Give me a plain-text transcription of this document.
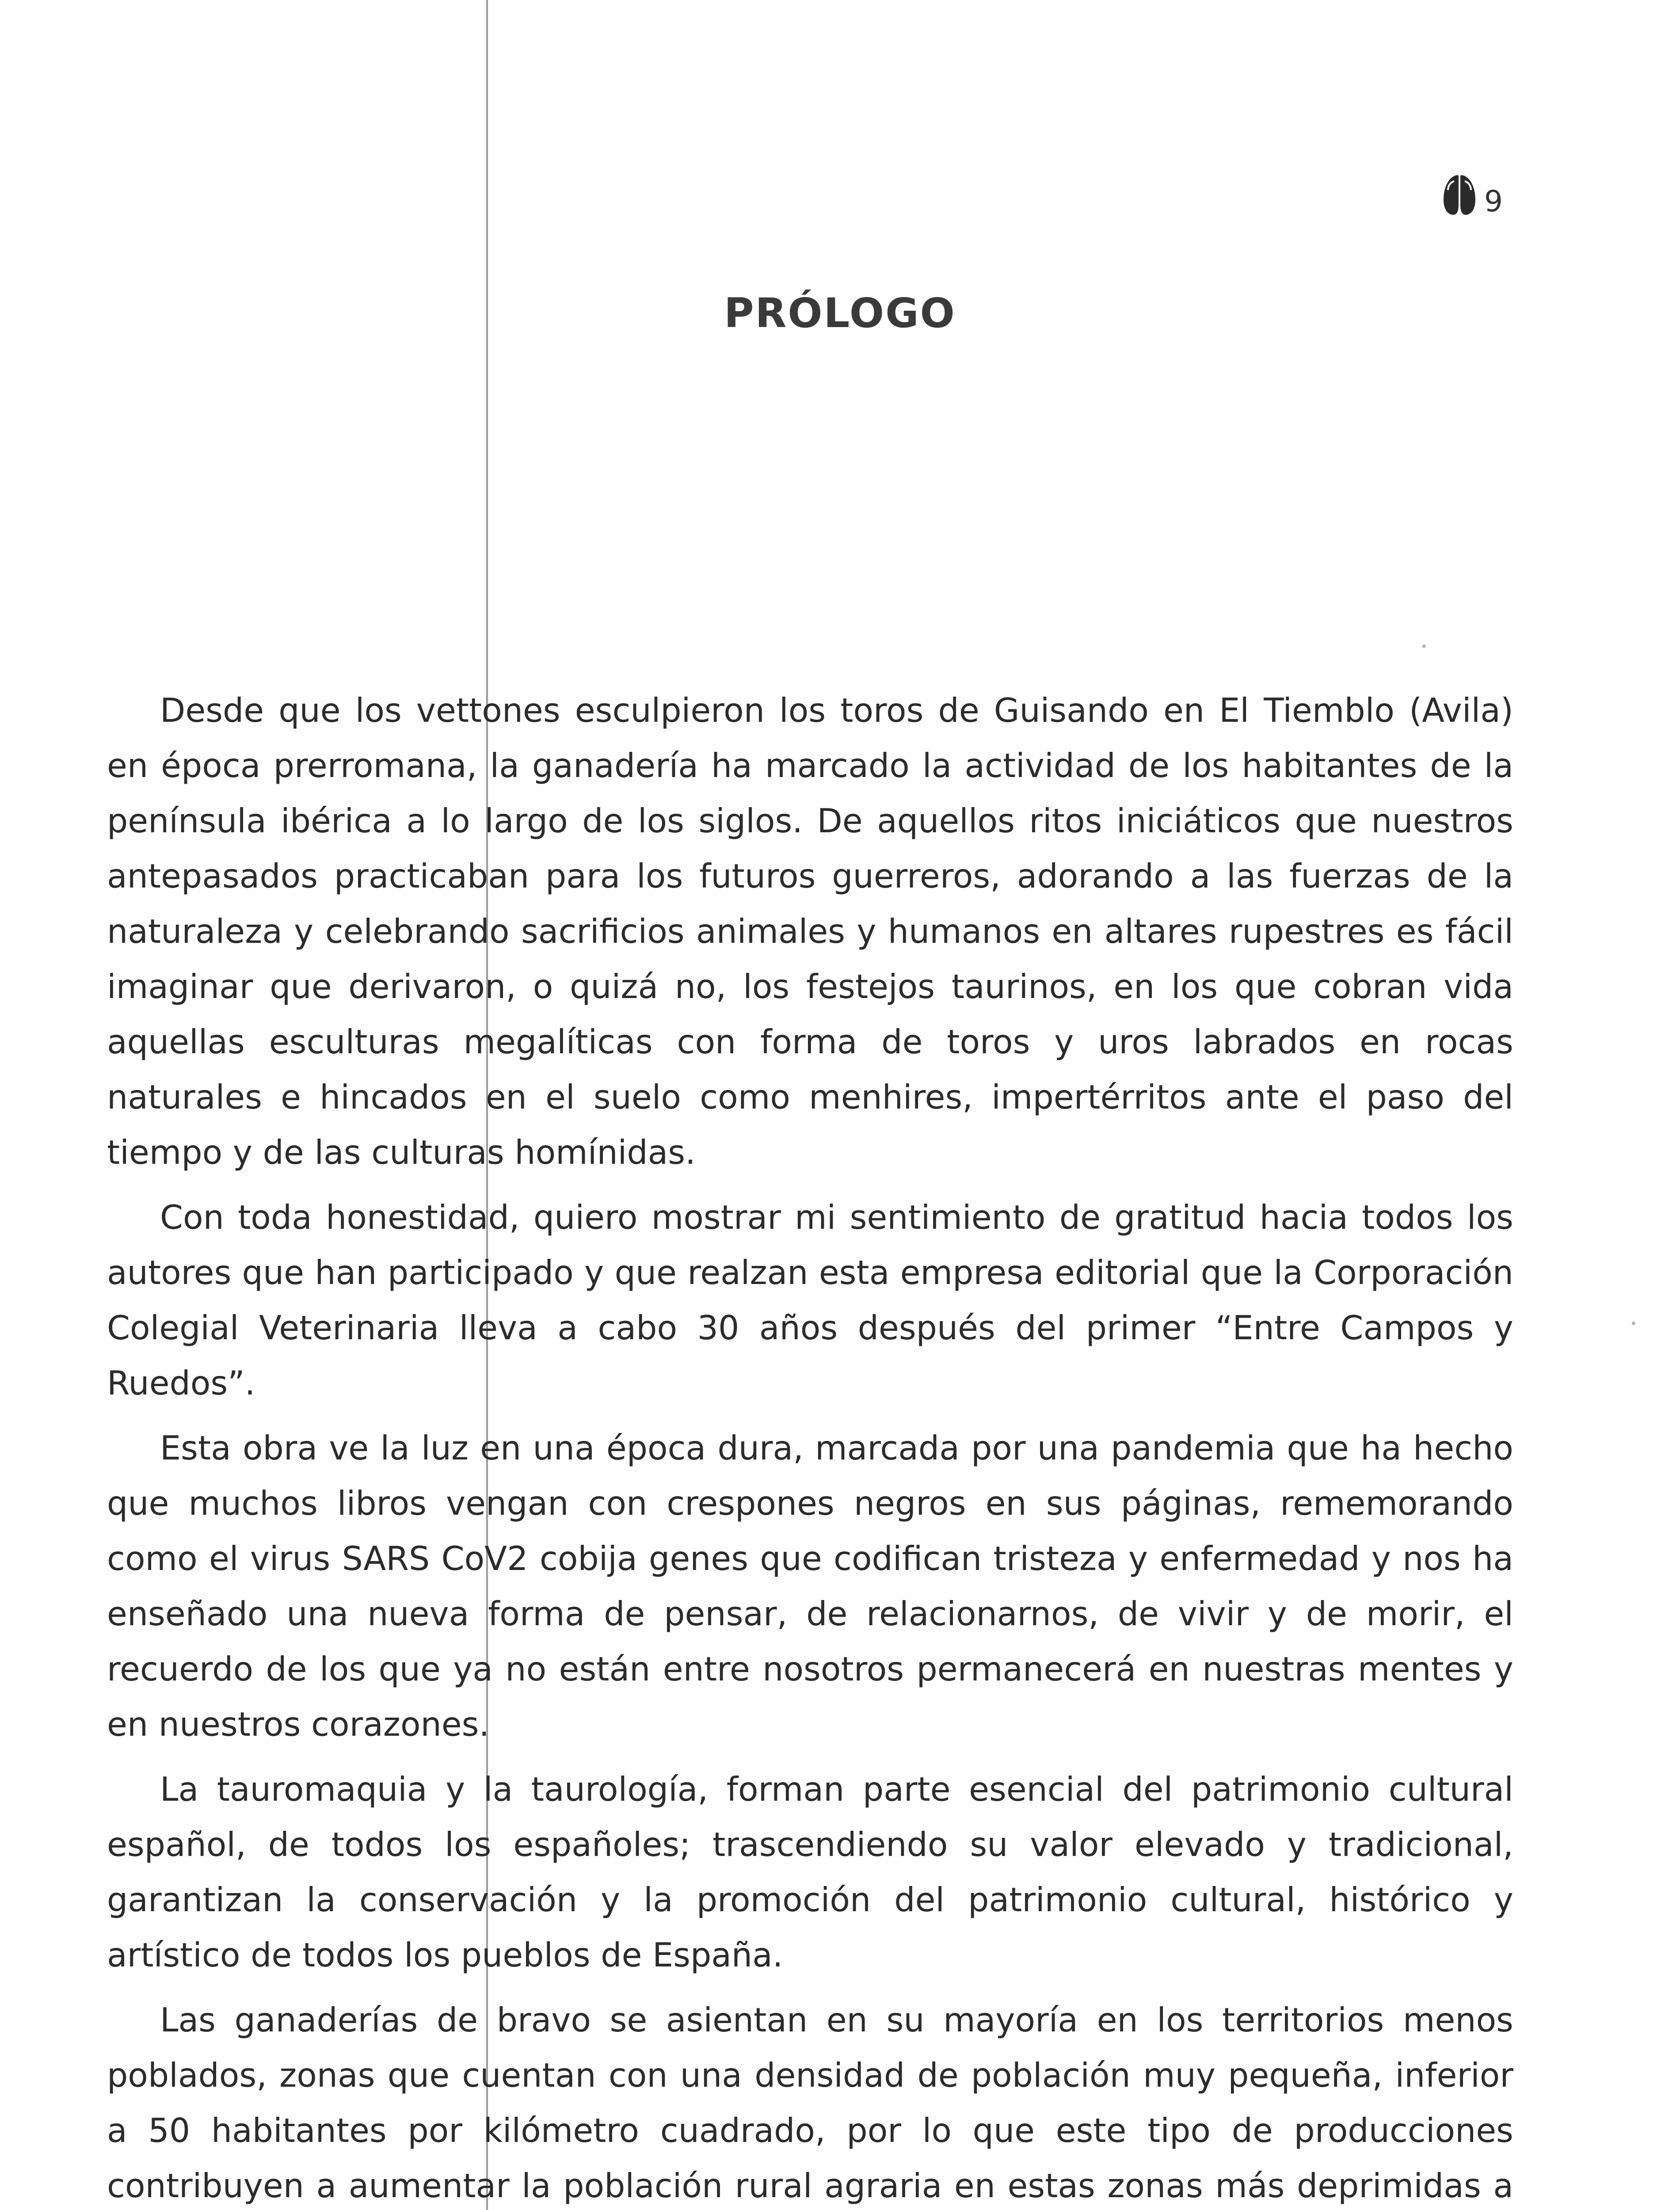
9
PRÓLOGO

Desde que los vettones esculpieron los toros de Guisando en El Tiemblo (Avila) en época prerromana, la ganadería ha marcado la actividad de los habitantes de la península ibérica a lo largo de los siglos. De aquellos ritos iniciáticos que nuestros antepasados practicaban para los futuros guerreros, adorando a las fuerzas de la naturaleza y celebrando sacrificios animales y humanos en altares rupestres es fácil imaginar que derivaron, o quizá no, los festejos taurinos, en los que cobran vida aquellas esculturas megalíticas con forma de toros y uros labrados en rocas naturales e hincados en el suelo como menhires, impertérritos ante el paso del tiempo y de las culturas homínidas.

Con toda honestidad, quiero mostrar mi sentimiento de gratitud hacia todos los autores que han participado y que realzan esta empresa editorial que la Corporación Colegial Veterinaria lleva a cabo 30 años después del primer “Entre Campos y Ruedos”.

Esta obra ve la luz en una época dura, marcada por una pandemia que ha hecho que muchos libros vengan con crespones negros en sus páginas, rememorando como el virus SARS CoV2 cobija genes que codifican tristeza y enfermedad y nos ha enseñado una nueva forma de pensar, de relacionarnos, de vivir y de morir, el recuerdo de los que ya no están entre nosotros permanecerá en nuestras mentes y en nuestros corazones.

La tauromaquia y la taurología, forman parte esencial del patrimonio cultural español, de todos los españoles; trascendiendo su valor elevado y tradicional, garantizan la conservación y la promoción del patrimonio cultural, histórico y artístico de todos los pueblos de España.

Las ganaderías de bravo se asientan en su mayoría en los territorios menos poblados, zonas que cuentan con una densidad de población muy pequeña, inferior a 50 habitantes por kilómetro cuadrado, por lo que este tipo de producciones contribuyen a aumentar la población rural agraria en estas zonas más deprimidas a
